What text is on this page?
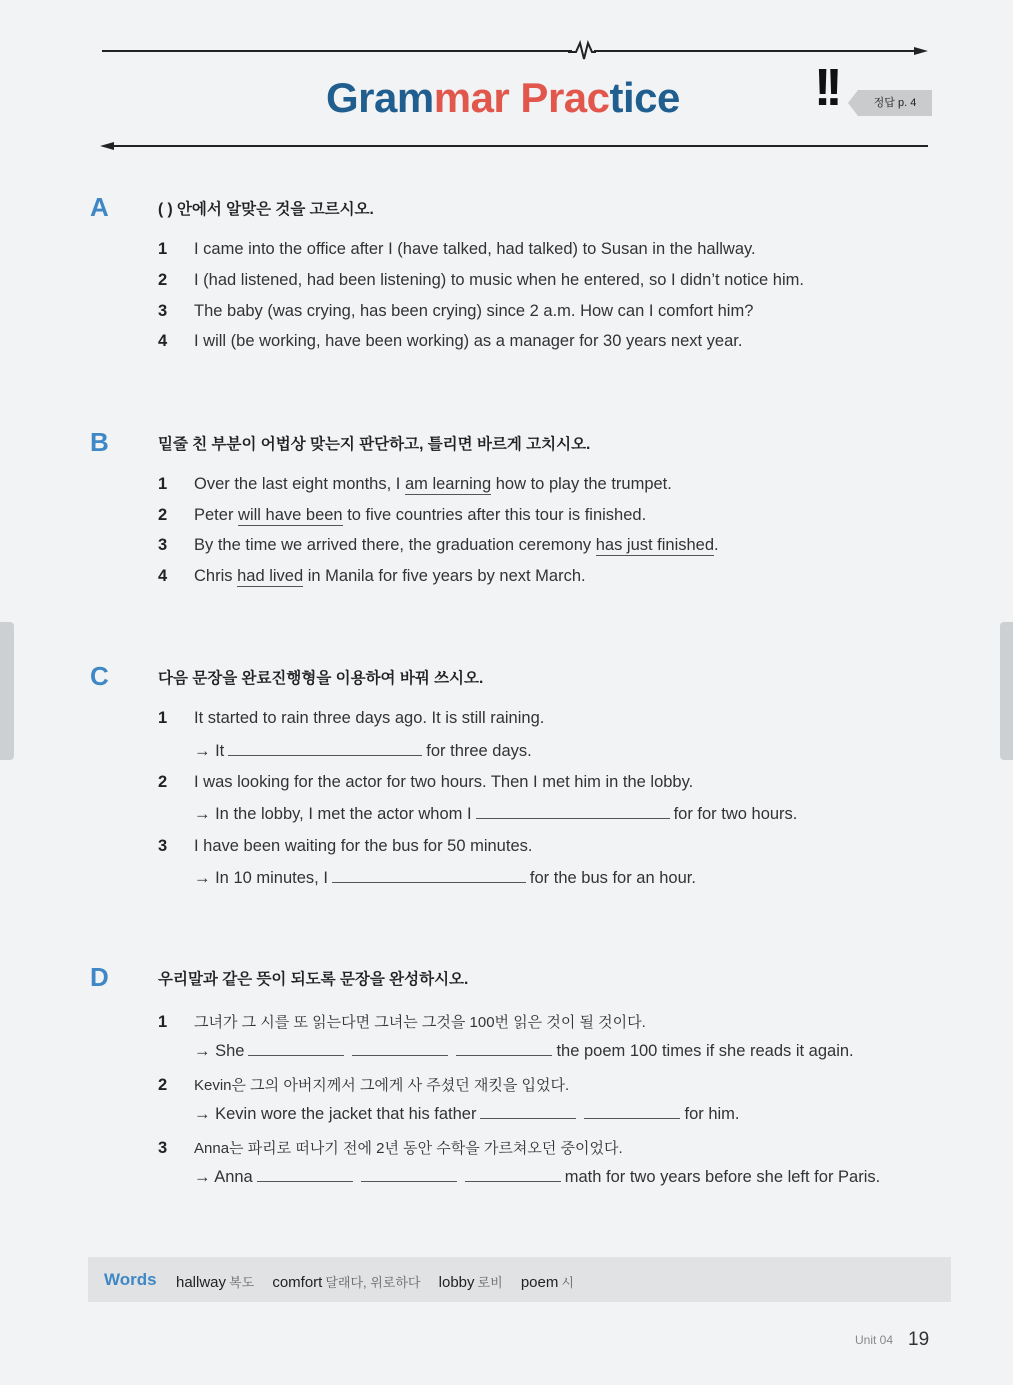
Grammar Practice	!!	정답 p. 4
A	( ) 안에서 알맞은 것을 고르시오.
1 I came into the office after I (have talked, had talked) to Susan in the hallway.
2 I (had listened, had been listening) to music when he entered, so I didn’t notice him.
3 The baby (was crying, has been crying) since 2 a.m. How can I comfort him?
4 I will (be working, have been working) as a manager for 30 years next year.
B	밑줄 친 부분이 어법상 맞는지 판단하고, 틀리면 바르게 고치시오.
1 Over the last eight months, I am learning how to play the trumpet.
2 Peter will have been to five countries after this tour is finished.
3 By the time we arrived there, the graduation ceremony has just finished.
4 Chris had lived in Manila for five years by next March.
C	다음 문장을 완료진행형을 이용하여 바꿔 쓰시오.
1 It started to rain three days ago. It is still raining.
→ It	for three days.
2 I was looking for the actor for two hours. Then I met him in the lobby.
→ In the lobby, I met the actor whom I	for for two hours.
3 I have been waiting for the bus for 50 minutes.
→ In 10 minutes, I	for the bus for an hour.
D	우리말과 같은 뜻이 되도록 문장을 완성하시오.
1 그녀가 그 시를 또 읽는다면 그녀는 그것을 100번 읽은 것이 될 것이다.
→ She	the poem 100 times if she reads it again.
2 Kevin은 그의 아버지께서 그에게 사 주셨던 재킷을 입었다.
→ Kevin wore the jacket that his father	for him.
3 Anna는 파리로 떠나기 전에 2년 동안 수학을 가르쳐오던 중이었다.
→ Anna	math for two years before she left for Paris.
Words hallway 복도 comfort 달래다, 위로하다 lobby 로비 poem 시
Unit 04 19
